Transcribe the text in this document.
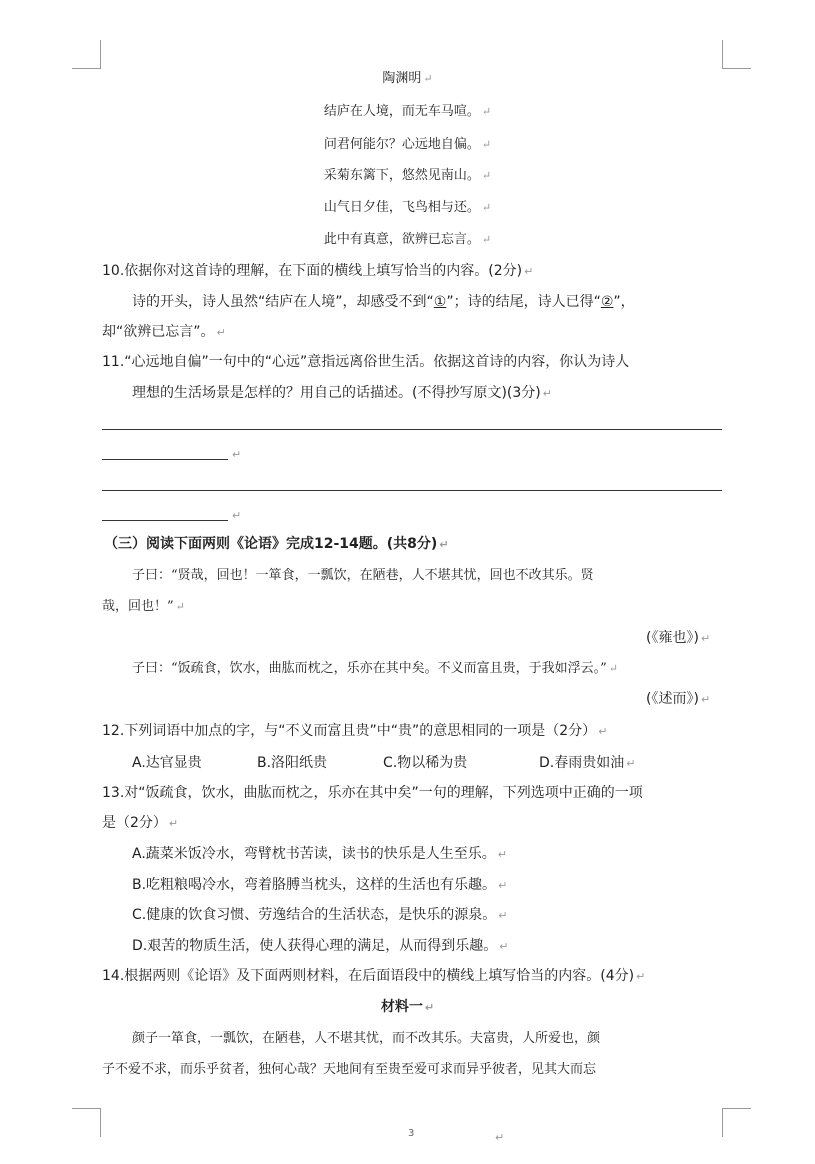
陶渊明 ↵
结庐在人境，而无车马喧。 ↵
问君何能尔？心远地自偏。 ↵
采菊东篱下，悠然见南山。 ↵
山气日夕佳，飞鸟相与还。 ↵
此中有真意，欲辨已忘言。 ↵
10.依据你对这首诗的理解，在下面的横线上填写恰当的内容。(2分) ↵
诗的开头，诗人虽然“结庐在人境”，却感受不到“①”；诗的结尾，诗人已得“②”，
却“欲辨已忘言”。 ↵
11.“心远地自偏”一句中的“心远”意指远离俗世生活。依据这首诗的内容，你认为诗人
理想的生活场景是怎样的？用自己的话描述。(不得抄写原文)(3分) ↵
↵
↵
（三）阅读下面两则《论语》完成12-14题。(共8分) ↵
子曰：“贤哉，回也！一箪食，一瓢饮，在陋巷，人不堪其忧，回也不改其乐。贤
哉，回也！” ↵
(《雍也》) ↵
子曰：“饭疏食，饮水，曲肱而枕之，乐亦在其中矣。不义而富且贵，于我如浮云。” ↵
(《述而》) ↵
12.下列词语中加点的字，与“不义而富且贵”中“贵”的意思相同的一项是（2分） ↵
A.达官显贵	B.洛阳纸贵	C.物以稀为贵	D.春雨贵如油 ↵
13.对“饭疏食，饮水，曲肱而枕之，乐亦在其中矣”一句的理解，下列选项中正确的一项
是（2分） ↵
A.蔬菜米饭冷水，弯臂枕书苦读，读书的快乐是人生至乐。 ↵
B.吃粗粮喝冷水，弯着胳膊当枕头，这样的生活也有乐趣。 ↵
C.健康的饮食习惯、劳逸结合的生活状态，是快乐的源泉。 ↵
D.艰苦的物质生活，使人获得心理的满足，从而得到乐趣。 ↵
14.根据两则《论语》及下面两则材料，在后面语段中的横线上填写恰当的内容。(4分) ↵
材料一 ↵
颜子一箪食，一瓢饮，在陋巷，人不堪其忧，而不改其乐。夫富贵，人所爱也，颜
子不爱不求，而乐乎贫者，独何心哉？天地间有至贵至爱可求而异乎彼者，见其大而忘
3	↵
